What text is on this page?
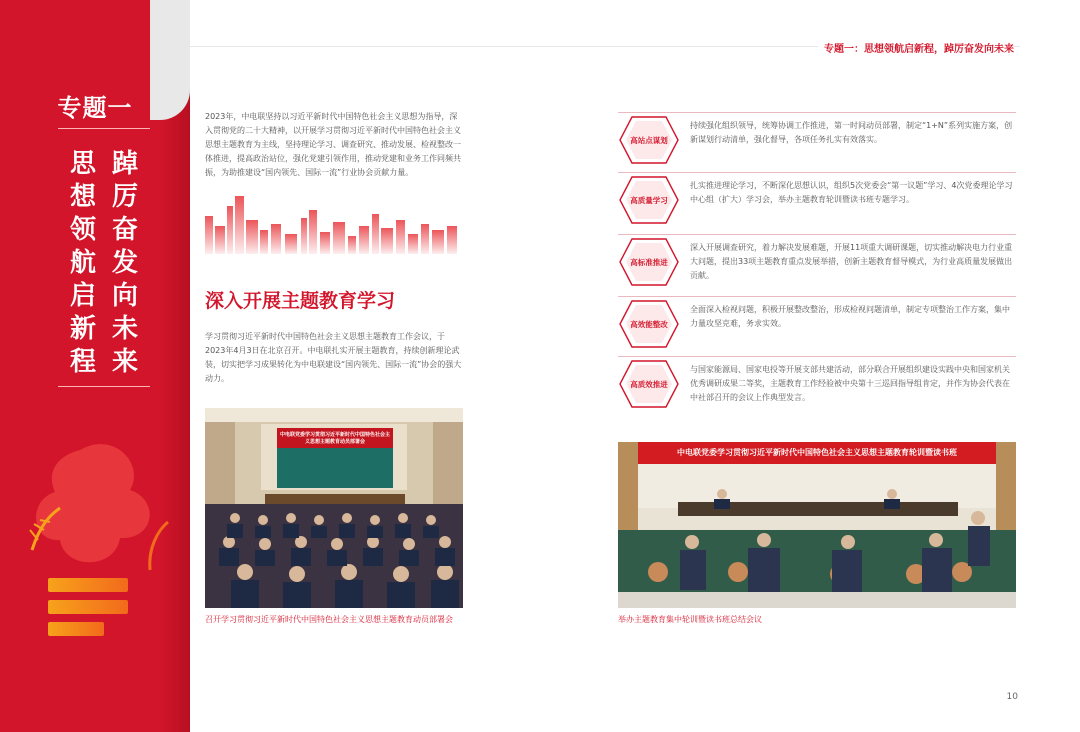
专题一
踔厉奋发向未来
思想领航启新程
专题一：思想领航启新程，踔厉奋发向未来
2023年，中电联坚持以习近平新时代中国特色社会主义思想为指导，深入贯彻党的二十大精神，以开展学习贯彻习近平新时代中国特色社会主义思想主题教育为主线，坚持理论学习、调查研究、推动发展、检视整改一体推进，提高政治站位，强化党建引领作用，推动党建和业务工作同频共振，为助推建设“国内领先、国际一流”行业协会贡献力量。
深入开展主题教育学习
学习贯彻习近平新时代中国特色社会主义思想主题教育工作会议，于2023年4月3日在北京召开。中电联扎实开展主题教育，持续创新理论武装，切实把学习成果转化为中电联建设“国内领先、国际一流”协会的强大动力。
中电联党委学习贯彻习近平新时代中国特色社会主义思想主题教育动员部署会
召开学习贯彻习近平新时代中国特色社会主义思想主题教育动员部署会
高站点谋划
持续强化组织领导，统筹协调工作推进，第一时间动员部署，制定“1+N”系列实施方案，创新谋划行动清单，强化督导，各项任务扎实有效落实。
高质量学习
扎实推进理论学习，不断深化思想认识，组织5次党委会“第一议题”学习、4次党委理论学习中心组（扩大）学习会，举办主题教育轮训暨读书班专题学习。
高标准推进
深入开展调查研究，着力解决发展难题，开展11项重大调研课题，切实推动解决电力行业重大问题，提出33项主题教育重点发展举措，创新主题教育督导模式，为行业高质量发展做出贡献。
高效能整改
全面深入检视问题，积极开展整改整治，形成检视问题清单，制定专项整治工作方案，集中力量攻坚克难，务求实效。
高质效推进
与国家能源局、国家电投等开展支部共建活动，部分联合开展组织建设实践中央和国家机关优秀调研成果二等奖，主题教育工作经验被中央第十三巡回指导组肯定，并作为协会代表在中社部召开的会议上作典型发言。
中电联党委学习贯彻习近平新时代中国特色社会主义思想主题教育轮训暨读书班
举办主题教育集中轮训暨读书班总结会议
10
